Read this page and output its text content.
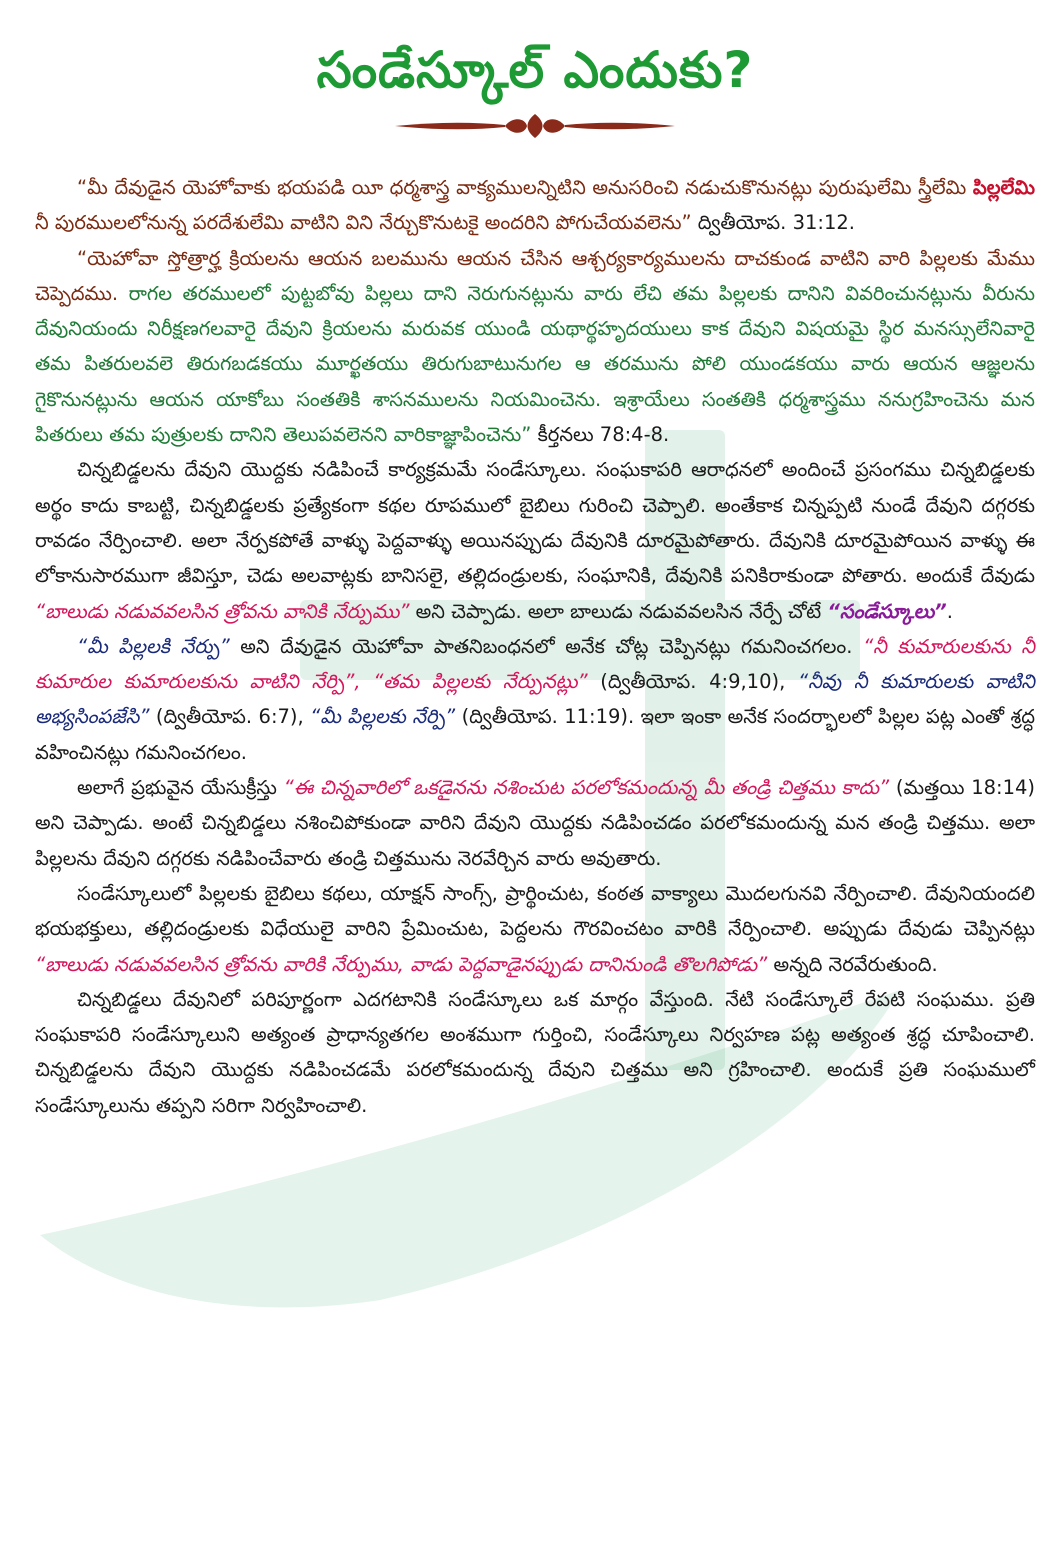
సండేస్కూల్ ఎందుకు?

“మీ దేవుడైన యెహోవాకు భయపడి యీ ధర్మశాస్త్ర వాక్యములన్నిటిని అనుసరించి నడుచుకొనునట్లు పురుషులేమి స్త్రీలేమి పిల్లలేమి నీ పురములలోనున్న పరదేశులేమి వాటిని విని నేర్చుకొనుటకై అందరిని పోగుచేయవలెను” ద్వితీయోప. 31:12.

“యెహోవా స్తోత్రార్హ క్రియలను ఆయన బలమును ఆయన చేసిన ఆశ్చర్యకార్యములను దాచకుండ వాటిని వారి పిల్లలకు మేము చెప్పెదము. రాగల తరములలో పుట్టబోవు పిల్లలు దాని నెరుగునట్లును వారు లేచి తమ పిల్లలకు దానిని వివరించునట్లును వీరును దేవునియందు నిరీక్షణగలవారై దేవుని క్రియలను మరువక యుండి యథార్థహృదయులు కాక దేవుని విషయమై స్థిర మనస్సులేనివారై తమ పితరులవలె తిరుగబడకయు మూర్ఖతయు తిరుగుబాటునుగల ఆ తరమును పోలి యుండకయు వారు ఆయన ఆజ్ఞలను గైకొనునట్లును ఆయన యాకోబు సంతతికి శాసనములను నియమించెను. ఇశ్రాయేలు సంతతికి ధర్మశాస్త్రము ననుగ్రహించెను మన పితరులు తమ పుత్రులకు దానిని తెలుపవలెనని వారికాజ్ఞాపించెను” కీర్తనలు 78:4-8.

చిన్నబిడ్డలను దేవుని యొద్దకు నడిపించే కార్యక్రమమే సండేస్కూలు. సంఘకాపరి ఆరాధనలో అందించే ప్రసంగము చిన్నబిడ్డలకు అర్థం కాదు కాబట్టి, చిన్నబిడ్డలకు ప్రత్యేకంగా కథల రూపములో బైబిలు గురించి చెప్పాలి. అంతేకాక చిన్నప్పటి నుండే దేవుని దగ్గరకు రావడం నేర్పించాలి. అలా నేర్పకపోతే వాళ్ళు పెద్దవాళ్ళు అయినప్పుడు దేవునికి దూరమైపోతారు. దేవునికి దూరమైపోయిన వాళ్ళు ఈ లోకానుసారముగా జీవిస్తూ, చెడు అలవాట్లకు బానిసలై, తల్లిదండ్రులకు, సంఘానికి, దేవునికి పనికిరాకుండా పోతారు. అందుకే దేవుడు “బాలుడు నడువవలసిన త్రోవను వానికి నేర్పుము” అని చెప్పాడు. అలా బాలుడు నడువవలసిన నేర్పే చోటే “సండేస్కూలు”.

“మీ పిల్లలకి నేర్పు” అని దేవుడైన యెహోవా పాతనిబంధనలో అనేక చోట్ల చెప్పినట్లు గమనించగలం. “నీ కుమారులకును నీ కుమారుల కుమారులకును వాటిని నేర్పి”, “తమ పిల్లలకు నేర్పునట్లు” (ద్వితీయోప. 4:9,10), “నీవు నీ కుమారులకు వాటిని అభ్యసింపజేసి” (ద్వితీయోప. 6:7), “మీ పిల్లలకు నేర్పి” (ద్వితీయోప. 11:19). ఇలా ఇంకా అనేక సందర్భాలలో పిల్లల పట్ల ఎంతో శ్రద్ధ వహించినట్లు గమనించగలం.

అలాగే ప్రభువైన యేసుక్రీస్తు “ఈ చిన్నవారిలో ఒకడైనను నశించుట పరలోకమందున్న మీ తండ్రి చిత్తము కాదు” (మత్తయి 18:14) అని చెప్పాడు. అంటే చిన్నబిడ్డలు నశించిపోకుండా వారిని దేవుని యొద్దకు నడిపించడం పరలోకమందున్న మన తండ్రి చిత్తము. అలా పిల్లలను దేవుని దగ్గరకు నడిపించేవారు తండ్రి చిత్తమును నెరవేర్చిన వారు అవుతారు.

సండేస్కూలులో పిల్లలకు బైబిలు కథలు, యాక్షన్ సాంగ్స్, ప్రార్థించుట, కంఠత వాక్యాలు మొదలగునవి నేర్పించాలి. దేవునియందలి భయభక్తులు, తల్లిదండ్రులకు విధేయులై వారిని ప్రేమించుట, పెద్దలను గౌరవించటం వారికి నేర్పించాలి. అప్పుడు దేవుడు చెప్పినట్లు “బాలుడు నడువవలసిన త్రోవను వారికి నేర్పుము, వాడు పెద్దవాడైనప్పుడు దానినుండి తొలగిపోడు” అన్నది నెరవేరుతుంది.

చిన్నబిడ్డలు దేవునిలో పరిపూర్ణంగా ఎదగటానికి సండేస్కూలు ఒక మార్గం వేస్తుంది. నేటి సండేస్కూలే రేపటి సంఘము. ప్రతి సంఘకాపరి సండేస్కూలుని అత్యంత ప్రాధాన్యతగల అంశముగా గుర్తించి, సండేస్కూలు నిర్వహణ పట్ల అత్యంత శ్రద్ధ చూపించాలి. చిన్నబిడ్డలను దేవుని యొద్దకు నడిపించడమే పరలోకమందున్న దేవుని చిత్తము అని గ్రహించాలి. అందుకే ప్రతి సంఘములో సండేస్కూలును తప్పని సరిగా నిర్వహించాలి.
